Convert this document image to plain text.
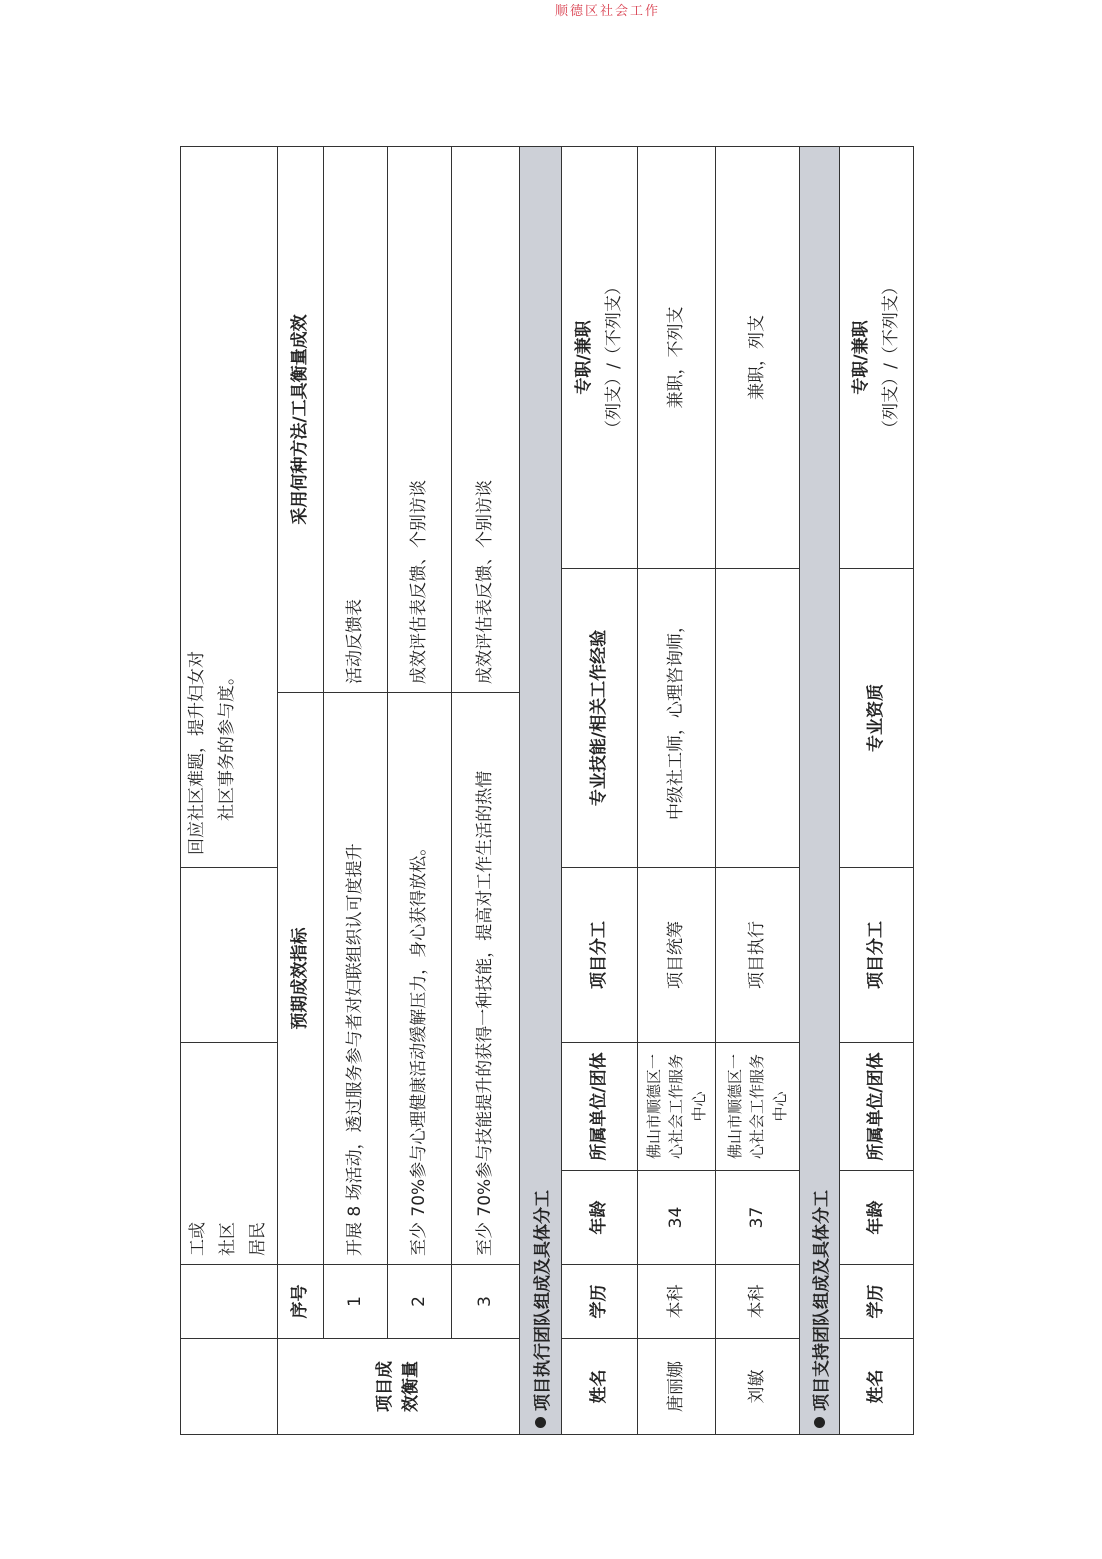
顺德区社会工作
工或 社区 居民
回应社区难题，提升妇女对 社区事务的参与度。
项目成 效衡量
序号
预期成效指标
采用何种方法/工具衡量成效
1
开展 8 场活动，透过服务参与者对妇联组织认可度提升
活动反馈表
2
至少 70%参与心理健康活动缓解压力，身心获得放松。
成效评估表反馈、个别访谈
3
至少 70%参与技能提升的获得一种技能，提高对工作生活的热情
成效评估表反馈、个别访谈
项目执行团队组成及具体分工	姓名
学历
年龄
所属单位/团体
项目分工
专业技能/相关工作经验
专职/兼职 （列支）/（不列支）
唐丽娜
本科
34
佛山市顺德区一心社会工作服务中心
项目统筹
中级社工师，心理咨询师，
兼职，不列支
刘敏
本科
37
佛山市顺德区一心社会工作服务中心
项目执行
兼职，列支
项目支持团队组成及具体分工	姓名
学历
年龄
所属单位/团体
项目分工
专业资质
专职/兼职 （列支）/（不列支）
